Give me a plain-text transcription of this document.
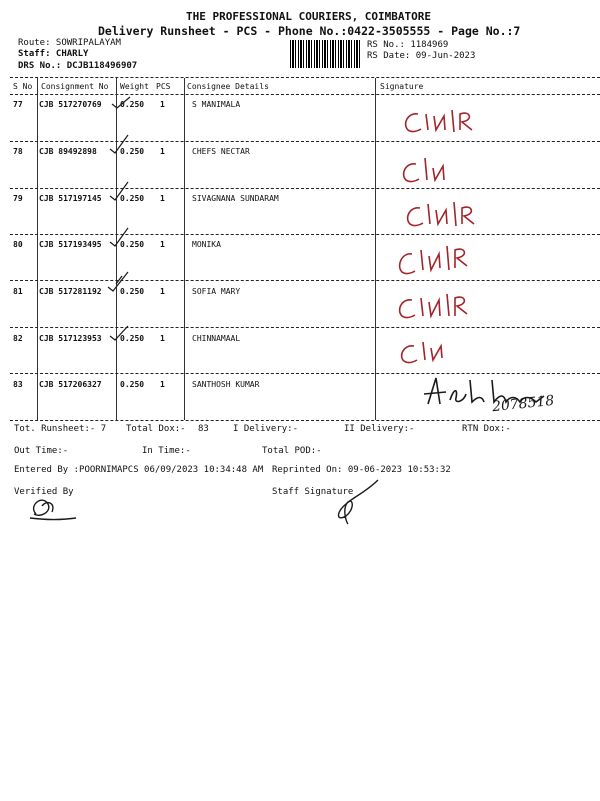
THE PROFESSIONAL COURIERS, COIMBATORE
Delivery Runsheet - PCS - Phone No.:0422-3505555 - Page No.:7
Route: SOWRIPALAYAM
Staff: CHARLY
DRS No.: DCJB118496907
RS No.: 1184969
RS Date: 09-Jun-2023
S No Consignment No Weight PCS Consignee Details	Signature
77 CJB 517270769 0.250 1	S MANIMALA
78 CJB 89492898	0.250 1	CHEFS NECTAR
79 CJB 517197145 0.250 1	SIVAGNANA SUNDARAM
80 CJB 517193495 0.250 1	MONIKA
81 CJB 517281192 0.250 1	SOFIA MARY
82 CJB 517123953 0.250 1	CHINNAMAAL
83 CJB 517206327 0.250 1	SANTHOSH KUMAR
2078518
Tot. Runsheet:- 7 Total Dox:- 83	I Delivery:-	II Delivery:-	RTN Dox:-
Out Time:-	In Time:-	Total POD:-
Entered By :POORNIMAPCS 06/09/2023 10:34:48 AM Reprinted On: 09-06-2023 10:53:32
Verified By	Staff Signature
